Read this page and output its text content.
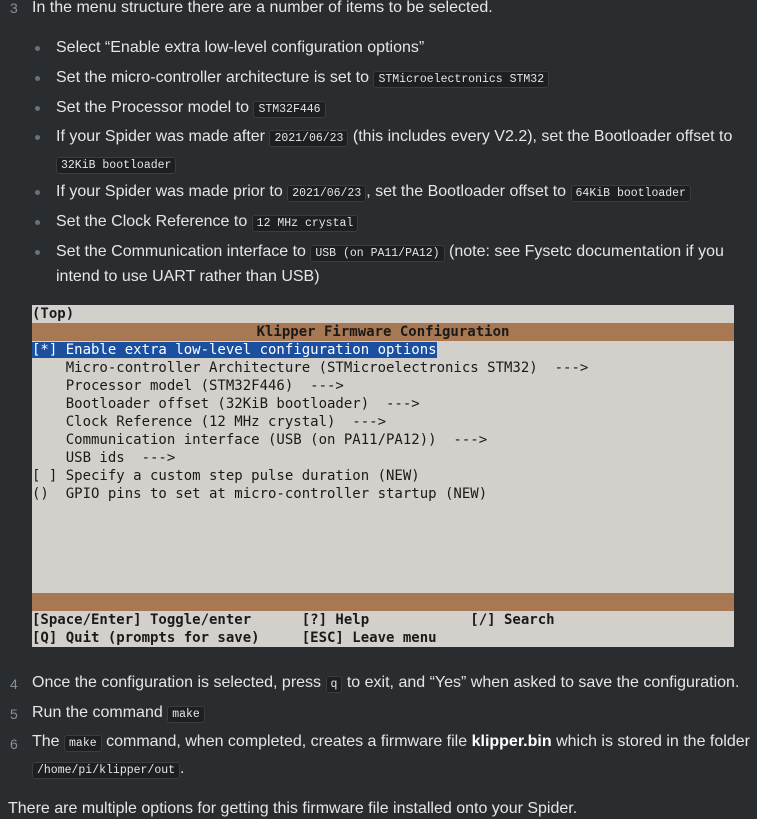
3 In the menu structure there are a number of items to be selected.
Select “Enable extra low-level configuration options”
Set the micro-controller architecture is set to STMicroelectronics STM32
Set the Processor model to STM32F446
If your Spider was made after 2021/06/23 (this includes every V2.2), set the Bootloader offset to
32KiB bootloader
If your Spider was made prior to 2021/06/23 , set the Bootloader offset to 64KiB bootloader
Set the Clock Reference to 12 MHz crystal
Set the Communication interface to USB (on PA11/PA12) (note: see Fysetc documentation if you
intend to use UART rather than USB)
(Top)
Klipper Firmware Configuration
[*] Enable extra low-level configuration options
Micro-controller Architecture (STMicroelectronics STM32)  --->
Processor model (STM32F446)  --->
Bootloader offset (32KiB bootloader)  --->
Clock Reference (12 MHz crystal)  --->
Communication interface (USB (on PA11/PA12))  --->
USB ids  --->
[ ] Specify a custom step pulse duration (NEW)
()  GPIO pins to set at micro-controller startup (NEW)
[Space/Enter] Toggle/enter      [?] Help            [/] Search
[Q] Quit (prompts for save)     [ESC] Leave menu
4 Once the configuration is selected, press q to exit, and “Yes” when asked to save the configuration.
5 Run the command make
6 The make command, when completed, creates a firmware file klipper.bin which is stored in the folder
/home/pi/klipper/out .
There are multiple options for getting this firmware file installed onto your Spider.
